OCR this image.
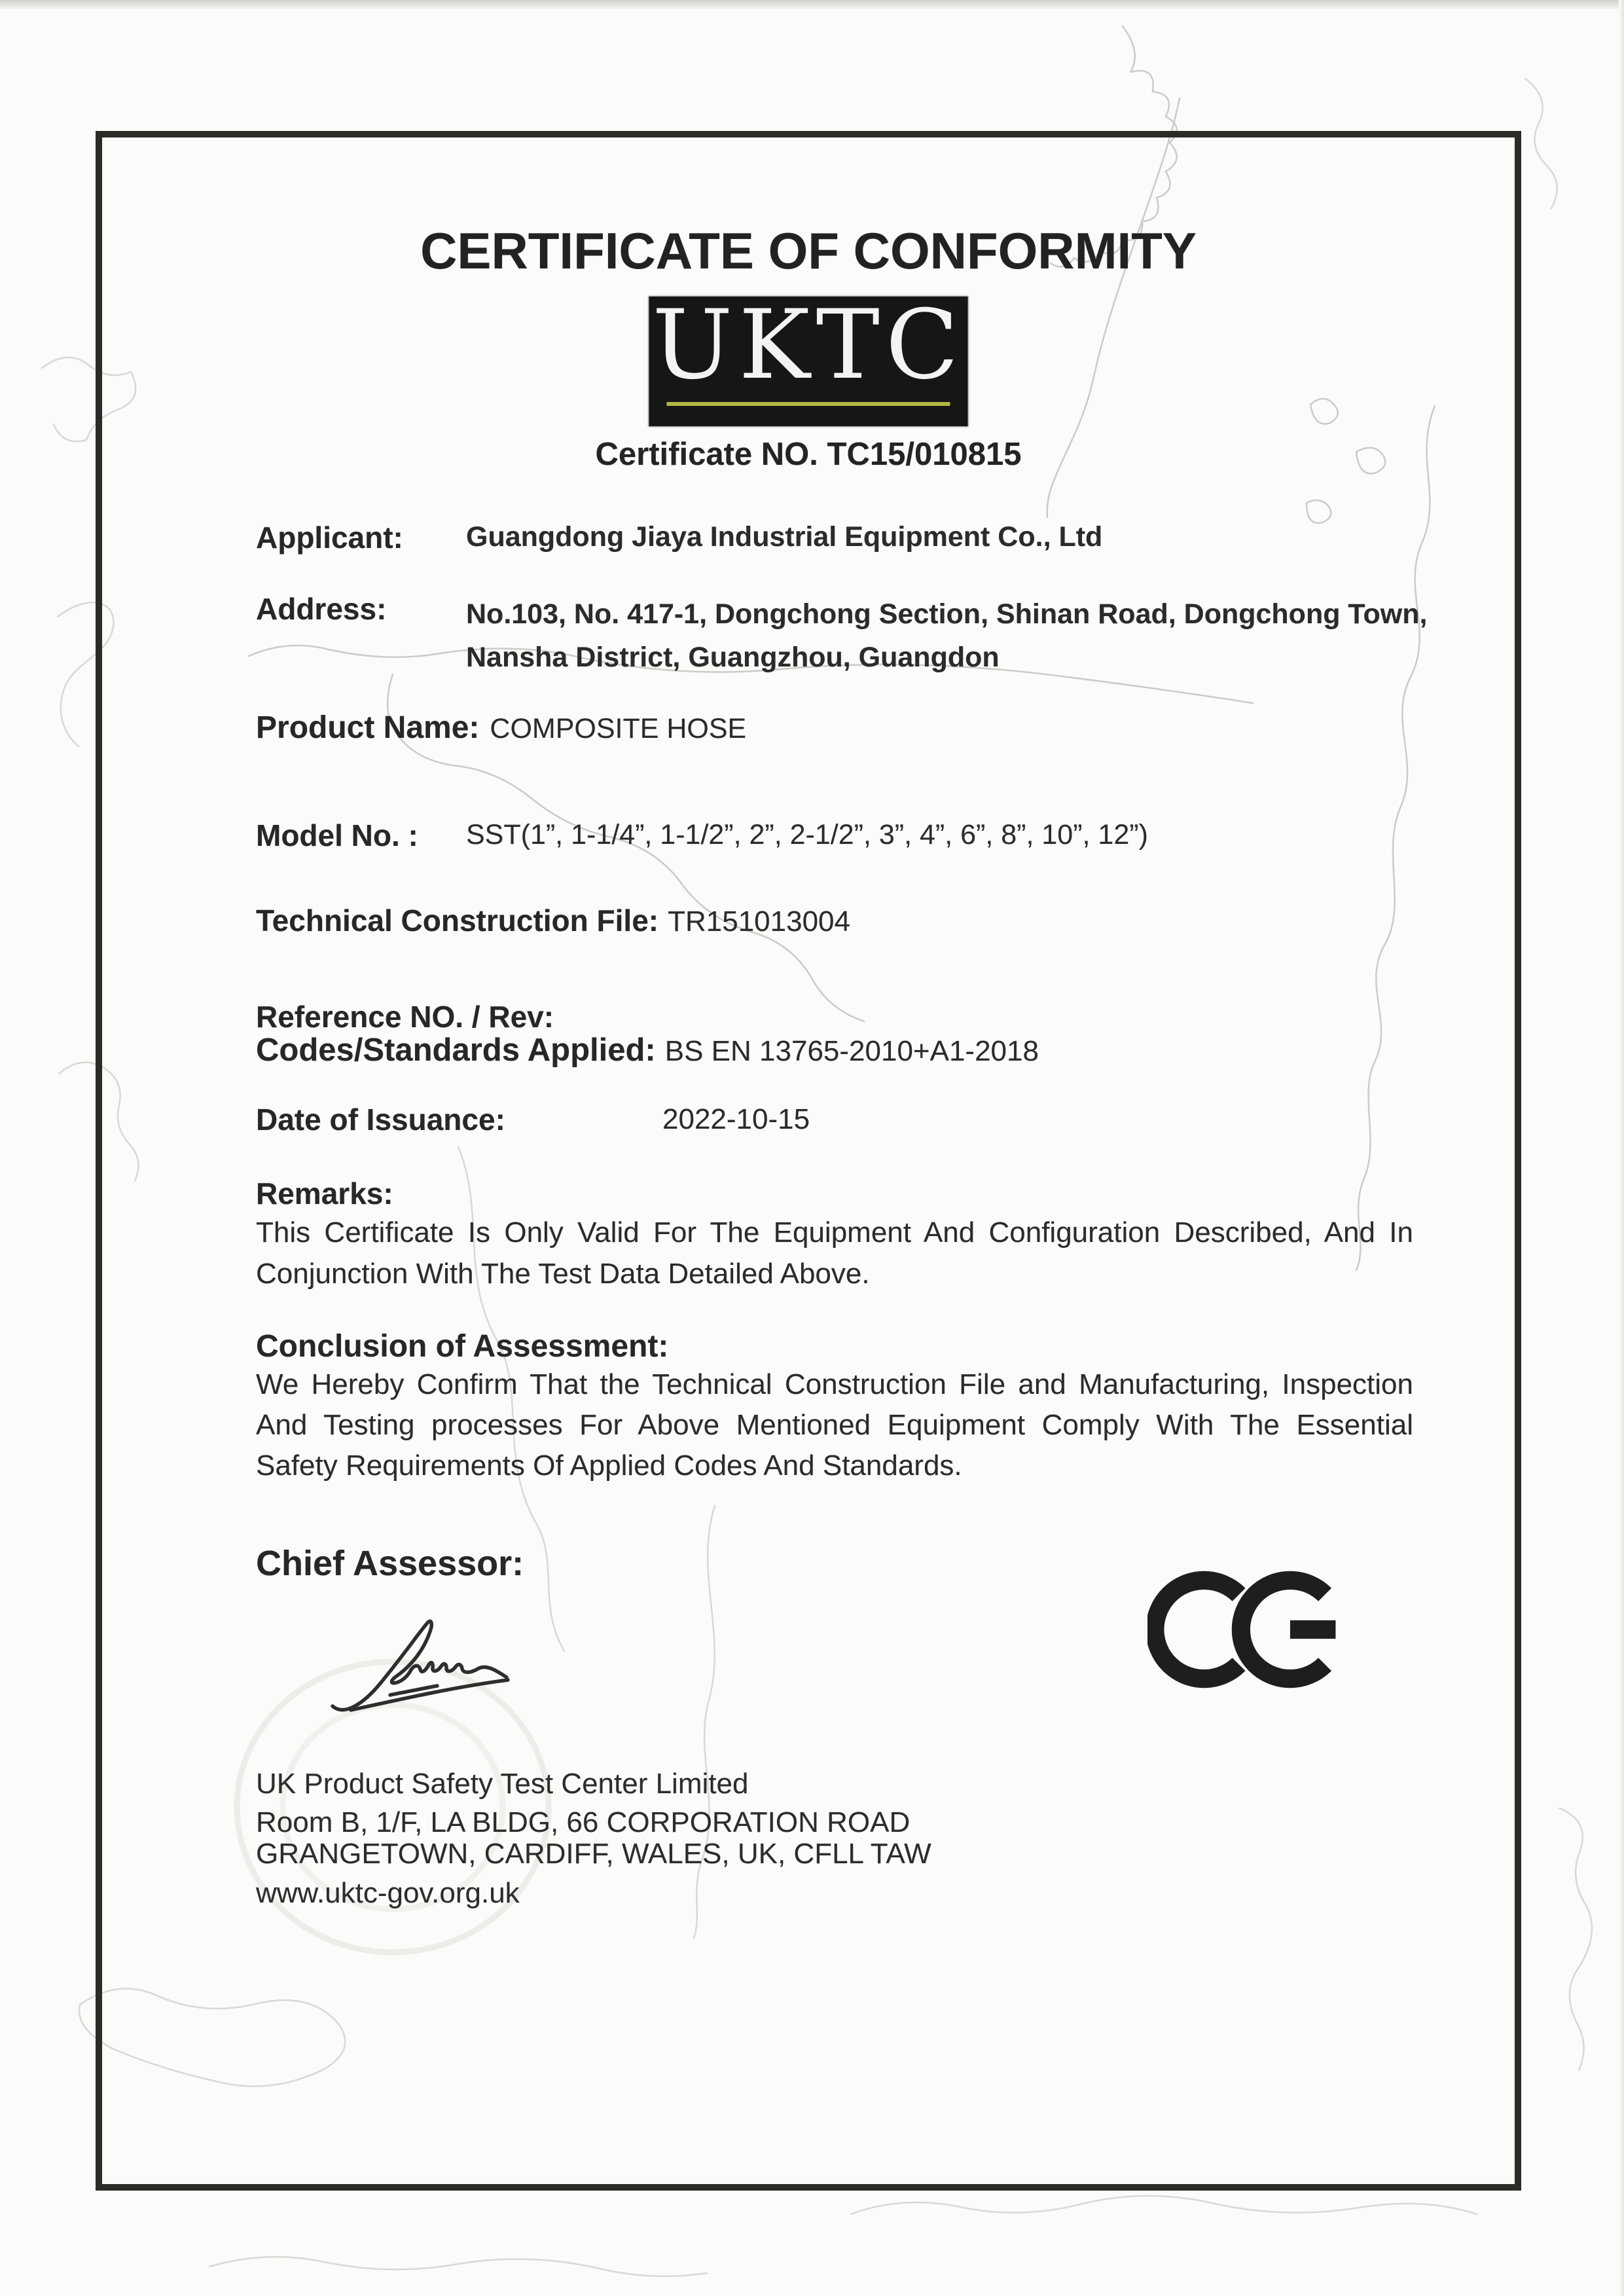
CERTIFICATE OF CONFORMITY
UKTC
Certificate NO. TC15/010815
Applicant: Guangdong Jiaya Industrial Equipment Co., Ltd
Address:	No.103, No. 417-1, Dongchong Section, Shinan Road, Dongchong Town, Nansha District, Guangzhou, Guangdon
Product Name: COMPOSITE HOSE
Model No. : SST(1”, 1-1/4”, 1-1/2”, 2”, 2-1/2”, 3”, 4”, 6”, 8”, 10”, 12”)
Technical Construction File: TR151013004
Reference NO. / Rev:
Codes/Standards Applied: BS EN 13765-2010+A1-2018
Date of Issuance:	2022-10-15
Remarks:
This Certificate Is Only Valid For The Equipment And Configuration Described, And In Conjunction With The Test Data Detailed Above.
Conclusion of Assessment:
We Hereby Confirm That the Technical Construction File and Manufacturing, Inspection And Testing processes For Above Mentioned Equipment Comply With The Essential Safety Requirements Of Applied Codes And Standards.
Chief Assessor:
UK Product Safety Test Center Limited
Room B, 1/F, LA BLDG, 66 CORPORATION ROAD
GRANGETOWN, CARDIFF, WALES, UK, CFLL TAW
www.uktc-gov.org.uk
